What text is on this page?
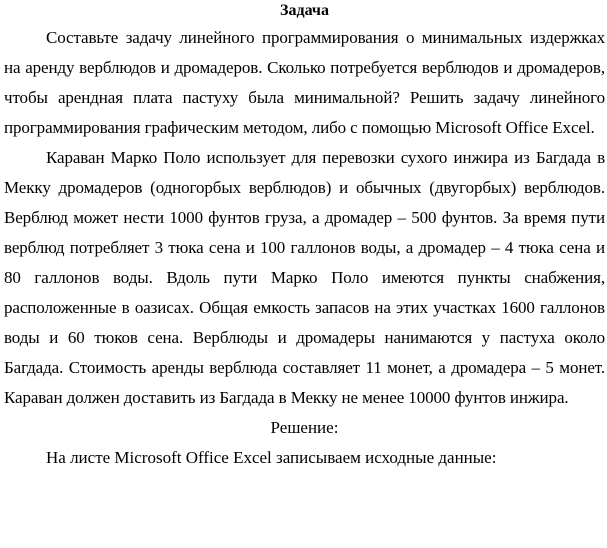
Задача

Составьте задачу линейного программирования о минимальных издержках на аренду верблюдов и дромадеров. Сколько потребуется верблюдов и дромадеров, чтобы арендная плата пастуху была минимальной? Решить задачу линейного программирования графическим методом, либо с помощью Microsoft Office Excel.

Караван Марко Поло использует для перевозки сухого инжира из Багдада в Мекку дромадеров (одногорбых верблюдов) и обычных (двугорбых) верблюдов. Верблюд может нести 1000 фунтов груза, а дромадер – 500 фунтов. За время пути верблюд потребляет 3 тюка сена и 100 галлонов воды, а дромадер – 4 тюка сена и 80 галлонов воды. Вдоль пути Марко Поло имеются пункты снабжения, расположенные в оазисах. Общая емкость запасов на этих участках 1600 галлонов воды и 60 тюков сена. Верблюды и дромадеры нанимаются у пастуха около Багдада. Стоимость аренды верблюда составляет 11 монет, а дромадера – 5 монет. Караван должен доставить из Багдада в Мекку не менее 10000 фунтов инжира.

Решение:

На листе Microsoft Office Excel записываем исходные данные:
